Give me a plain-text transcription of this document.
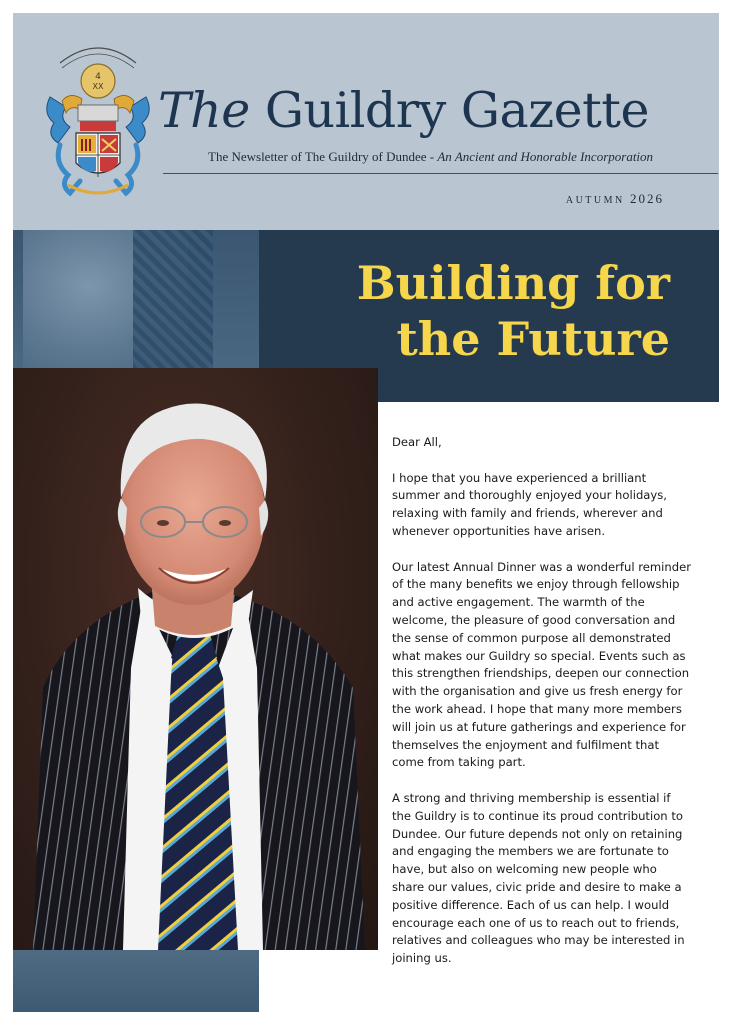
4
XX The Guildry Gazette
The Newsletter of The Guildry of Dundee - An Ancient and Honorable Incorporation
AUTUMN 2026
Building for
the Future

Dear All,

I hope that you have experienced a brilliant summer and thoroughly enjoyed your holidays, relaxing with family and friends, wherever and whenever opportunities have arisen.

Our latest Annual Dinner was a wonderful reminder of the many benefits we enjoy through fellowship and active engagement. The warmth of the welcome, the pleasure of good conversation and the sense of common purpose all demonstrated what makes our Guildry so special. Events such as this strengthen friendships, deepen our connection with the organisation and give us fresh energy for the work ahead. I hope that many more members will join us at future gatherings and experience for themselves the enjoyment and fulfilment that come from taking part.

A strong and thriving membership is essential if the Guildry is to continue its proud contribution to Dundee. Our future depends not only on retaining and engaging the members we are fortunate to have, but also on welcoming new people who share our values, civic pride and desire to make a positive difference. Each of us can help. I would encourage each one of us to reach out to friends, relatives and colleagues who may be interested in joining us.
